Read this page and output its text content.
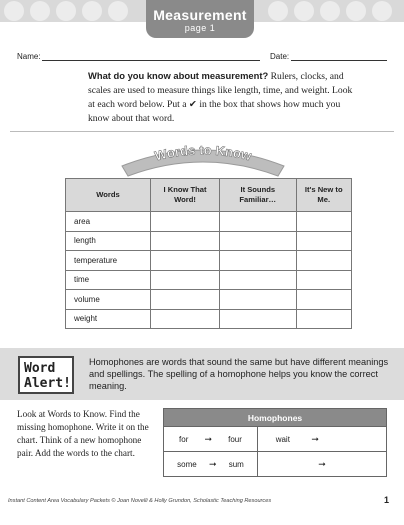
Measurement
page 1
Name:	Date:
What do you know about measurement? Rulers, clocks, and scales are used to measure things like length, time, and weight. Look at each word below. Put a ✔ in the box that shows how much you know about that word.
Words to Know
Words	I Know That Word!	It Sounds Familiar…	It's New to Me.
area			
length			
temperature			
time			
volume			
weight			
Word
Alert!
Homophones are words that sound the same but have different meanings and spellings. The spelling of a homophone helps you know the correct meaning.
Look at Words to Know. Find the missing homophone. Write it on the chart. Think of a new homophone pair. Add the words to the chart.
Homophones	

for ➞ four	wait ➞

some ➞ sum	➞
Instant Content Area Vocabulary Packets © Joan Novelli & Holly Grundon, Scholastic Teaching Resources	1
